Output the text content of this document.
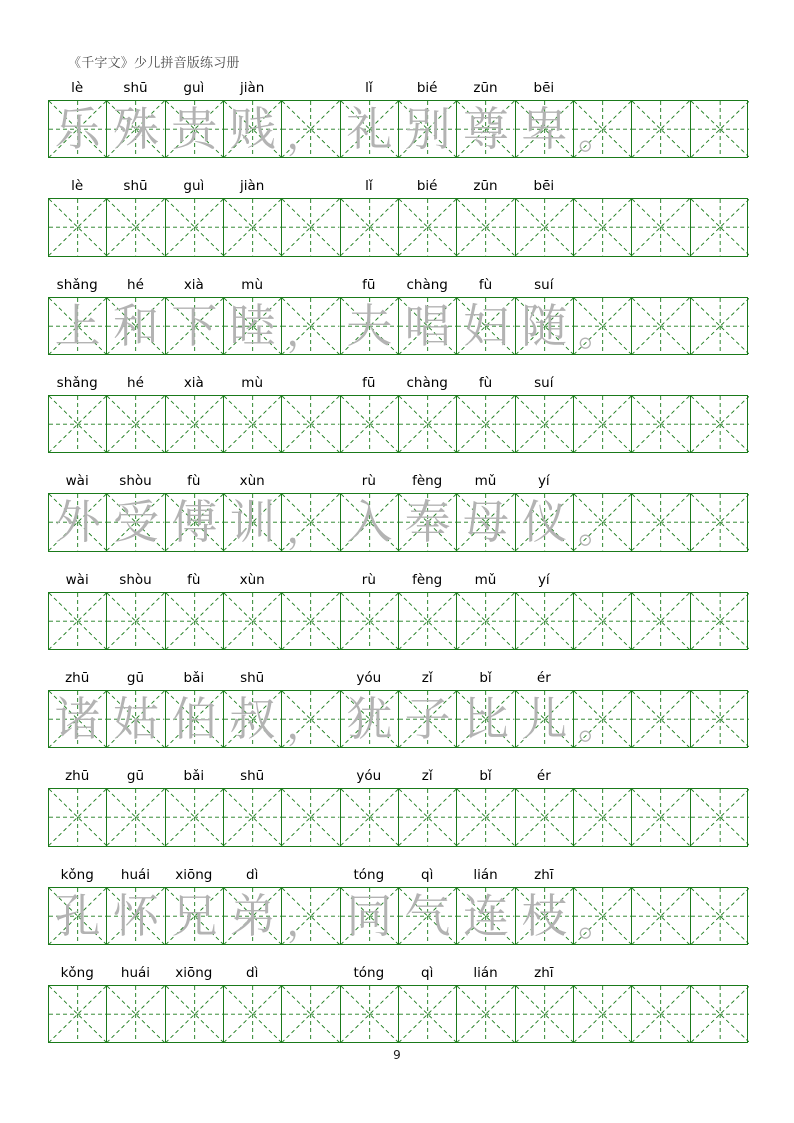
《千字文》少儿拼音版练习册
lè	shū	guì	jiàn	lǐ	bié	zūn	bēi
乐 殊 贵 贱 ， 礼 别 尊 卑 。
lè	shū	guì	jiàn	lǐ	bié	zūn	bēi
shǎng	hé	xià	mù	fū	chàng	fù	suí
上 和 下 睦 ， 夫 唱 妇 随 。
shǎng	hé	xià	mù	fū	chàng	fù	suí
wài	shòu	fù	xùn	rù	fèng	mǔ	yí
外 受 傅 训 ， 入 奉 母 仪 。
wài	shòu	fù	xùn	rù	fèng	mǔ	yí
zhū	gū	bǎi	shū	yóu	zǐ	bǐ	ér
诸 姑 伯 叔 ， 犹 子 比 儿 。
zhū	gū	bǎi	shū	yóu	zǐ	bǐ	ér
kǒng	huái	xiōng	dì	tóng	qì	lián	zhī
孔 怀 兄 弟 ， 同 气 连 枝 。
kǒng	huái	xiōng	dì	tóng	qì	lián	zhī
9
